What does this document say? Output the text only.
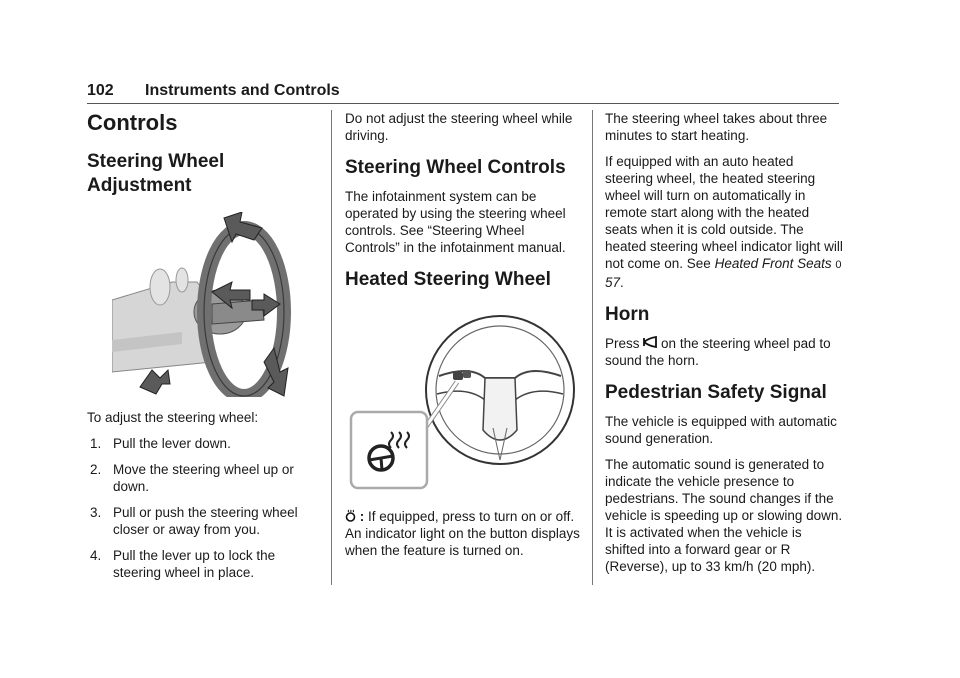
102 Instruments and Controls
Controls
Steering Wheel Adjustment

To adjust the steering wheel:

1. Pull the lever down.
2. Move the steering wheel up or down.
3. Pull or push the steering wheel closer or away from you.
4. Pull the lever up to lock the steering wheel in place.

Do not adjust the steering wheel while driving.

Steering Wheel Controls

The infotainment system can be operated by using the steering wheel controls. See “Steering Wheel Controls” in the infotainment manual.

Heated Steering Wheel

: If equipped, press to turn on or off. An indicator light on the button displays when the feature is turned on.

The steering wheel takes about three minutes to start heating.

If equipped with an auto heated steering wheel, the heated steering wheel will turn on automatically in remote start along with the heated seats when it is cold outside. The heated steering wheel indicator light will not come on. See Heated Front Seats 0 57.

Horn

Press on the steering wheel pad to sound the horn.

Pedestrian Safety Signal

The vehicle is equipped with automatic sound generation.

The automatic sound is generated to indicate the vehicle presence to pedestrians. The sound changes if the vehicle is speeding up or slowing down. It is activated when the vehicle is shifted into a forward gear or R (Reverse), up to 33 km/h (20 mph).
